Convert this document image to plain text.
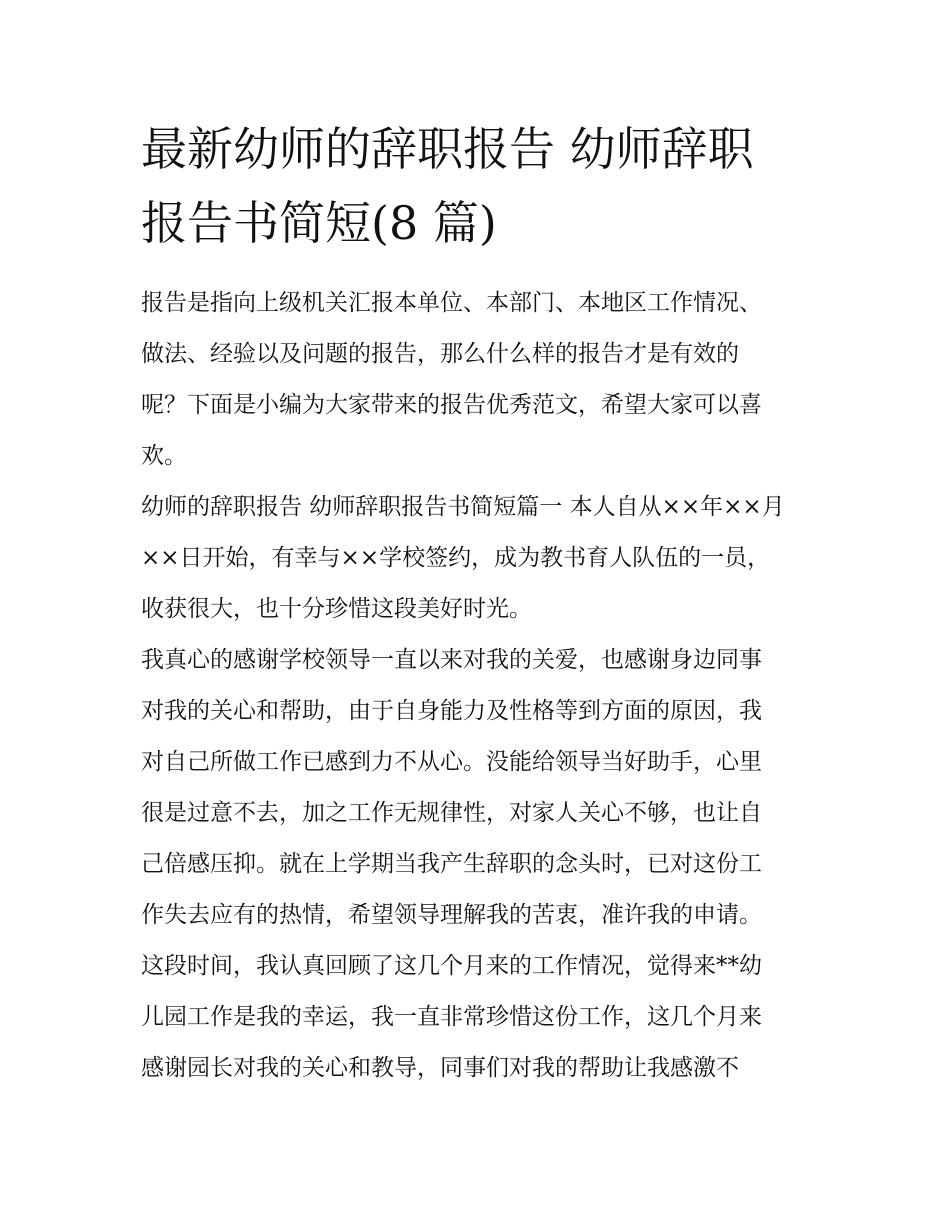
最新幼师的辞职报告 幼师辞职
报告书简短(8 篇)
报告是指向上级机关汇报本单位、本部门、本地区工作情况、
做法、经验以及问题的报告，那么什么样的报告才是有效的
呢？下面是小编为大家带来的报告优秀范文，希望大家可以喜
欢。
幼师的辞职报告 幼师辞职报告书简短篇一 本人自从××年××月
××日开始，有幸与××学校签约，成为教书育人队伍的一员，
收获很大，也十分珍惜这段美好时光。
我真心的感谢学校领导一直以来对我的关爱，也感谢身边同事
对我的关心和帮助，由于自身能力及性格等到方面的原因，我
对自己所做工作已感到力不从心。没能给领导当好助手，心里
很是过意不去，加之工作无规律性，对家人关心不够，也让自
己倍感压抑。就在上学期当我产生辞职的念头时，已对这份工
作失去应有的热情，希望领导理解我的苦衷，准许我的申请。
这段时间，我认真回顾了这几个月来的工作情况，觉得来**幼
儿园工作是我的幸运，我一直非常珍惜这份工作，这几个月来
感谢园长对我的关心和教导，同事们对我的帮助让我感激不
